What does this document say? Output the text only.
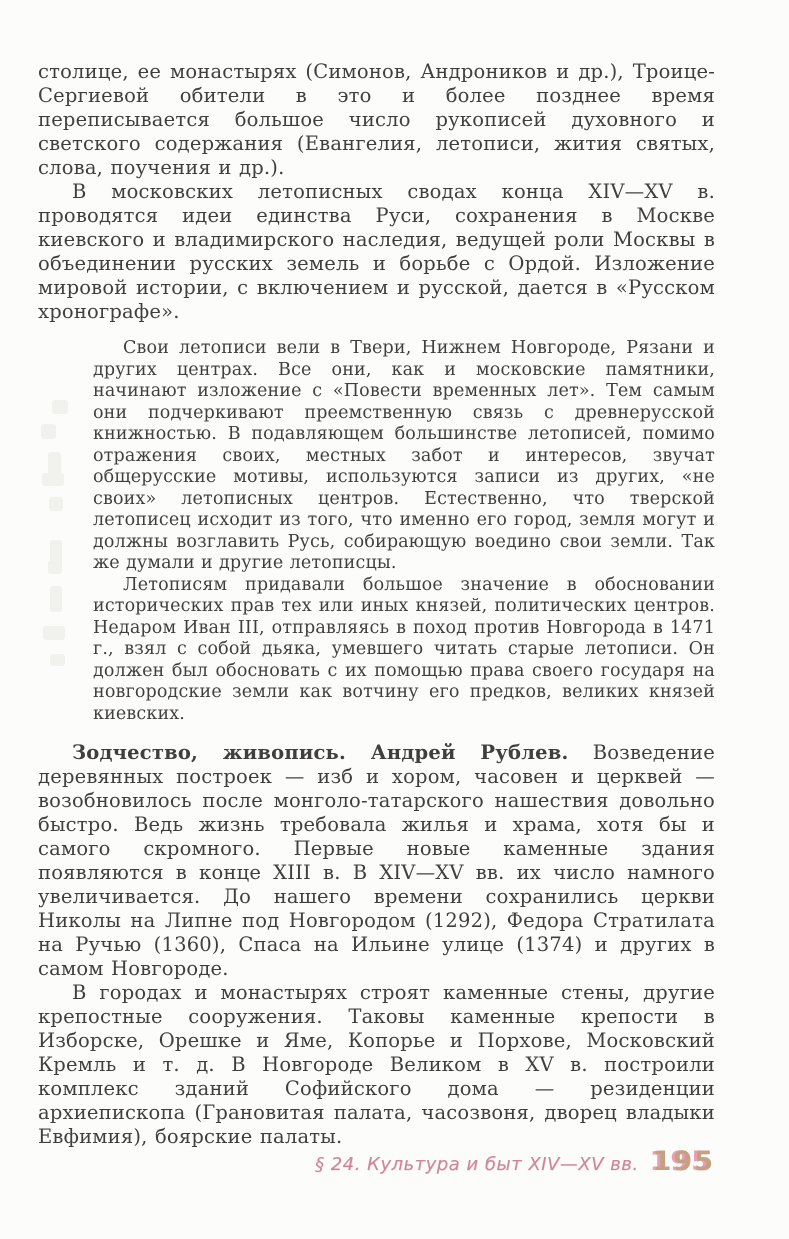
столице, ее монастырях (Симонов, Андроников и др.), Троице-Сергиевой обители в это и более позднее время переписывается большое число рукописей духовного и светского содержания (Евангелия, летописи, жития святых, слова, поучения и др.).

В московских летописных сводах конца XIV—XV в. проводятся идеи единства Руси, сохранения в Москве киевского и владимирского наследия, ведущей роли Москвы в объединении русских земель и борьбе с Ордой. Изложение мировой истории, с включением и русской, дается в «Русском хронографе».

Свои летописи вели в Твери, Нижнем Новгороде, Рязани и других центрах. Все они, как и московские памятники, начинают изложение с «Повести временных лет». Тем самым они подчеркивают преемственную связь с древнерусской книжностью. В подавляющем большинстве летописей, помимо отражения своих, местных забот и интересов, звучат общерусские мотивы, используются записи из других, «не своих» летописных центров. Естественно, что тверской летописец исходит из того, что именно его город, земля могут и должны возглавить Русь, собирающую воедино свои земли. Так же думали и другие летописцы.

Летописям придавали большое значение в обосновании исторических прав тех или иных князей, политических центров. Недаром Иван III, отправляясь в поход против Новгорода в 1471 г., взял с собой дьяка, умевшего читать старые летописи. Он должен был обосновать с их помощью права своего государя на новгородские земли как вотчину его предков, великих князей киевских.

Зодчество, живопись. Андрей Рублев. Возведение деревянных построек — изб и хором, часовен и церквей — возобновилось после монголо-татарского нашествия довольно быстро. Ведь жизнь требовала жилья и храма, хотя бы и самого скромного. Первые новые каменные здания появляются в конце XIII в. В XIV—XV вв. их число намного увеличивается. До нашего времени сохранились церкви Николы на Липне под Новгородом (1292), Федора Стратилата на Ручью (1360), Спаса на Ильине улице (1374) и других в самом Новгороде.

В городах и монастырях строят каменные стены, другие крепостные сооружения. Таковы каменные крепости в Изборске, Орешке и Яме, Копорье и Порхове, Московский Кремль и т. д. В Новгороде Великом в XV в. построили комплекс зданий Софийского дома — резиденции архиепископа (Грановитая палата, часозвоня, дворец владыки Евфимия), боярские палаты.

§ 24. Культура и быт XIV—XV вв. 195
